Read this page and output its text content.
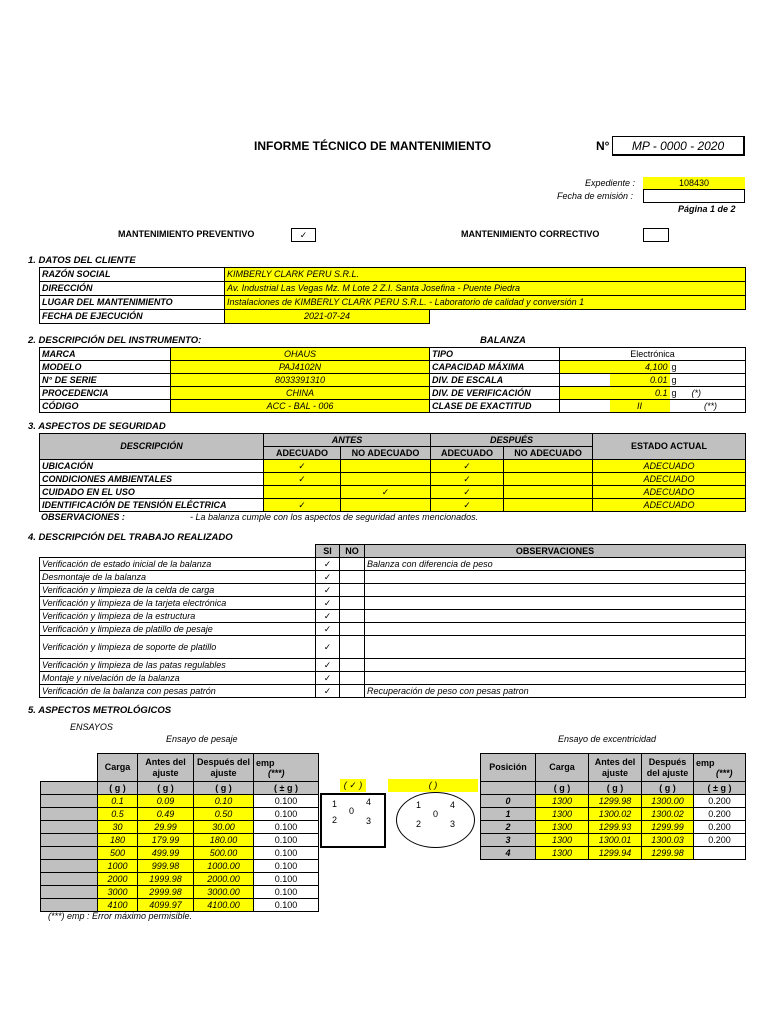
INFORME TÉCNICO DE MANTENIMIENTO	N°	MP - 0000 - 2020
Expediente :	108430
Fecha de emisión :
Página 1 de 2
MANTENIMIENTO PREVENTIVO	✓	MANTENIMIENTO CORRECTIVO
1. DATOS DEL CLIENTE
RAZÓN SOCIAL	KIMBERLY CLARK PERU S.R.L.	
DIRECCIÓN	Av. Industrial Las Vegas Mz. M Lote 2 Z.I. Santa Josefina - Puente Piedra	
LUGAR DEL MANTENIMIENTO	Instalaciones de KIMBERLY CLARK PERU S.R.L. - Laboratorio de calidad y conversión 1	
FECHA DE EJECUCIÓN	2021-07-24	
2. DESCRIPCIÓN DEL INSTRUMENTO:	BALANZA
MARCA	OHAUS	TIPO	Electrónica		
MODELO	PAJ4102N	CAPACIDAD MÁXIMA		4,100	g
N° DE SERIE	8033391310	DIV. DE ESCALA		0.01	g
PROCEDENCIA	CHINA	DIV. DE VERIFICACIÓN		0.1	g (*)
CÓDIGO	ACC - BAL - 006	CLASE DE EXACTITUD		II	(**)
3. ASPECTOS DE SEGURIDAD
DESCRIPCIÓN	ANTES		DESPUÉS		ESTADO ACTUAL
	ADECUADO	NO ADECUADO	ADECUADO	NO ADECUADO	
UBICACIÓN	✓		✓		ADECUADO
CONDICIONES AMBIENTALES	✓		✓		ADECUADO
CUIDADO EN EL USO		✓	✓		ADECUADO
IDENTIFICACIÓN DE TENSIÓN ELÉCTRICA	✓		✓		ADECUADO
OBSERVACIONES :	- La balanza cumple con los aspectos de seguridad antes mencionados.
4. DESCRIPCIÓN DEL TRABAJO REALIZADO
	SI	NO	OBSERVACIONES
Verificación de estado inicial de la balanza	✓		Balanza con diferencia de peso
Desmontaje de la balanza	✓		
Verificación y limpieza de la celda de carga	✓		
Verificación y limpieza de la tarjeta electrónica	✓		
Verificación y limpieza de la estructura	✓		
Verificación y limpieza de platillo de pesaje	✓		
Verificación y limpieza de soporte de platillo	✓		
Verificación y limpieza de las patas regulables	✓		
Montaje y nivelación de la balanza	✓		
Verificación de la balanza con pesas patrón	✓		Recuperación de peso con pesas patron
5. ASPECTOS METROLÓGICOS
ENSAYOS
Ensayo de pesaje	Ensayo de excentricidad
	Carga	Antes del ajuste	Después del ajuste	emp
(***)
	( g )	( g )	( g )	( ± g )
	0.1	0.09	0.10	0.100
	0.5	0.49	0.50	0.100
	30	29.99	30.00	0.100
	180	179.99	180.00	0.100
	500	499.99	500.00	0.100
	1000	999.98	1000.00	0.100
	2000	1999.98	2000.00	0.100
	3000	2999.98	3000.00	0.100
	4100	4099.97	4100.00	0.100
( ✓ )	( )
1	4
0
2	3
1	4
0
2	3
Posición	Carga	Antes del ajuste	Después del ajuste	emp
(***)
	( g )	( g )	( g )	( ± g )
0	1300	1299.98	1300.00	0.200
1	1300	1300.02	1300.02	0.200
2	1300	1299.93	1299.99	0.200
3	1300	1300.01	1300.03	0.200
4	1300	1299.94	1299.98	
(***) emp : Error máximo permisible.
